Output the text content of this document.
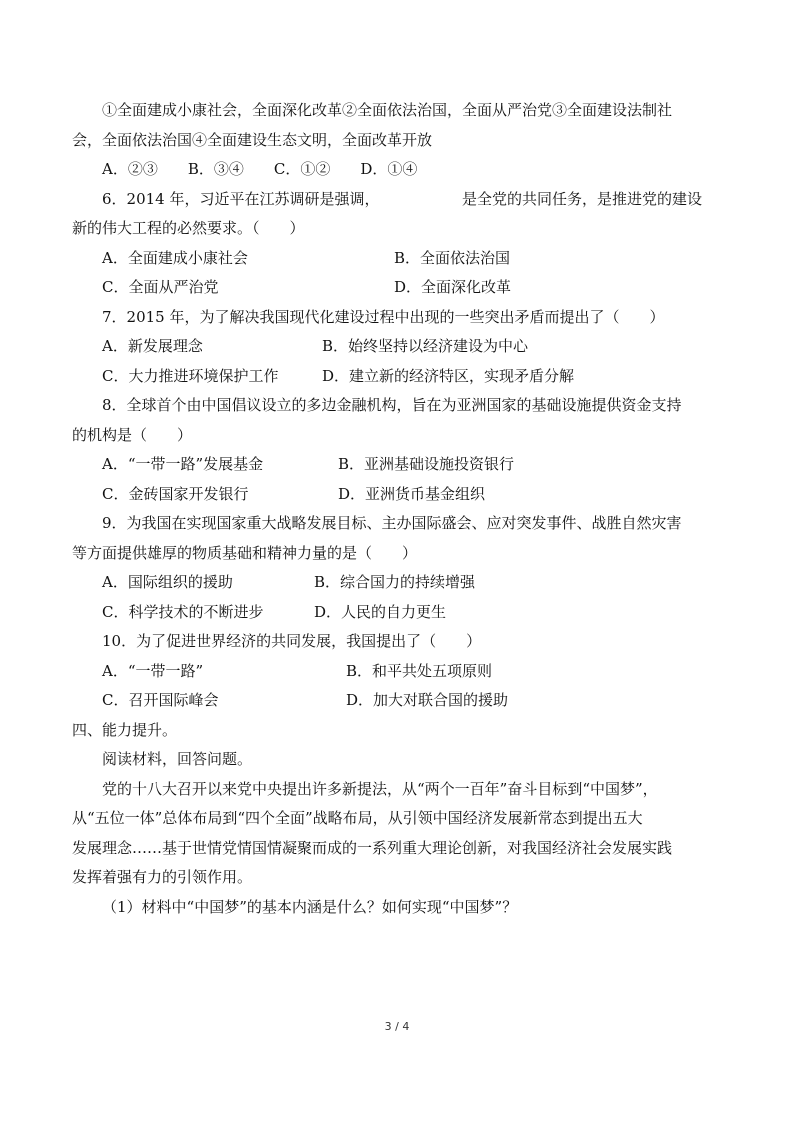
①全面建成小康社会，全面深化改革②全面依法治国，全面从严治党③全面建设法制社
会，全面依法治国④全面建设生态文明，全面改革开放
A．②③　　B．③④　　C．①②　　D．①④
6．2014 年，习近平在江苏调研是强调，　　　　　　是全党的共同任务，是推进党的建设
新的伟大工程的必然要求。（　　）
A．全面建成小康社会	B．全面依法治国
C．全面从严治党	D．全面深化改革
7．2015 年，为了解决我国现代化建设过程中出现的一些突出矛盾而提出了（　　）
A．新发展理念	B．始终坚持以经济建设为中心
C．大力推进环境保护工作	D．建立新的经济特区，实现矛盾分解
8．全球首个由中国倡议设立的多边金融机构，旨在为亚洲国家的基础设施提供资金支持
的机构是（　　）
A．“一带一路”发展基金	B．亚洲基础设施投资银行
C．金砖国家开发银行	D．亚洲货币基金组织
9．为我国在实现国家重大战略发展目标、主办国际盛会、应对突发事件、战胜自然灾害
等方面提供雄厚的物质基础和精神力量的是（　　）
A．国际组织的援助	B．综合国力的持续增强
C．科学技术的不断进步	D．人民的自力更生
10．为了促进世界经济的共同发展，我国提出了（　　）
A．“一带一路”	B．和平共处五项原则
C．召开国际峰会	D．加大对联合国的援助
四、能力提升。
阅读材料，回答问题。
党的十八大召开以来党中央提出许多新提法，从“两个一百年”奋斗目标到“中国梦”，
从“五位一体”总体布局到“四个全面”战略布局，从引领中国经济发展新常态到提出五大
发展理念……基于世情党情国情凝聚而成的一系列重大理论创新，对我国经济社会发展实践
发挥着强有力的引领作用。
（1）材料中“中国梦”的基本内涵是什么？如何实现“中国梦”？
3 / 4
